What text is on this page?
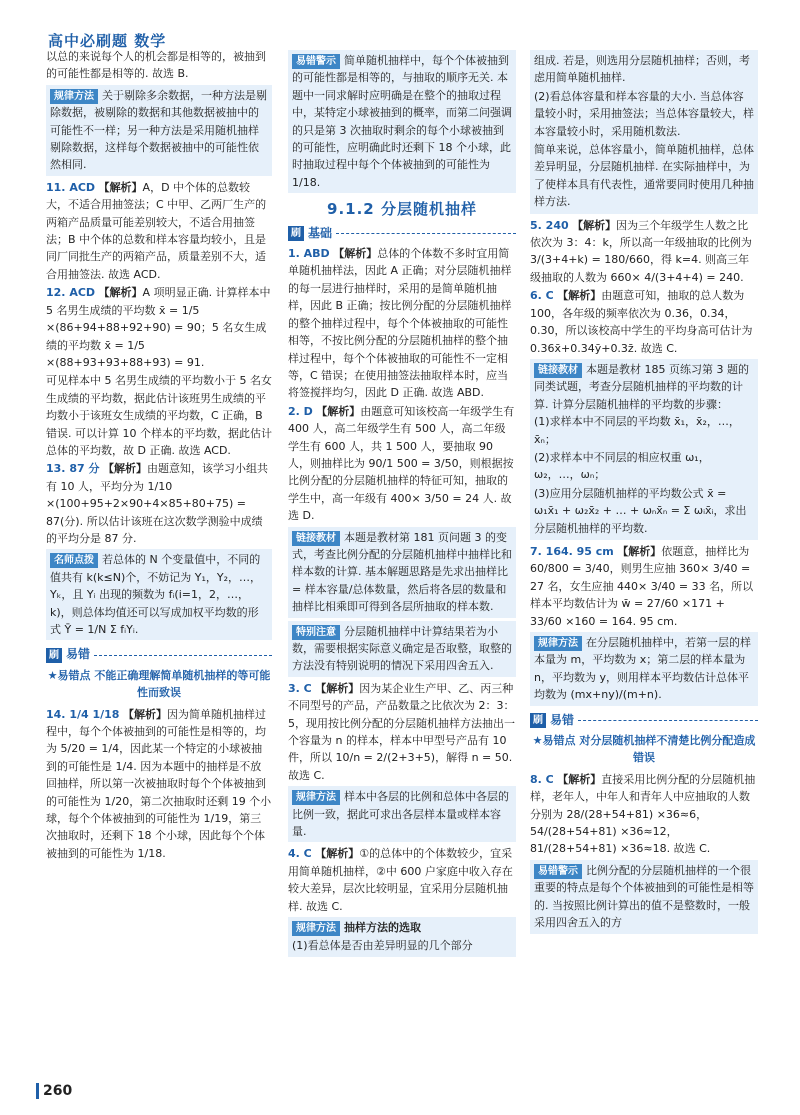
高中必刷题 数学

以总的来说每个人的机会都是相等的，被抽到的可能性都是相等的. 故选 B.

规律方法 关于剔除多余数据，一种方法是剔除数据，被剔除的数据和其他数据被抽中的可能性不一样；另一种方法是采用随机抽样剔除数据，这样每个数据被抽中的可能性依然相同.

11. ACD 【解析】A，D 中个体的总数较大，不适合用抽签法；C 中甲、乙两厂生产的两箱产品质量可能差别较大，不适合用抽签法；B 中个体的总数和样本容量均较小，且是同厂同批生产的两箱产品，质量差别不大，适合用抽签法. 故选 ACD.

12. ACD 【解析】A 项明显正确. 计算样本中 5 名男生成绩的平均数 x̄ = 1/5 ×(86+94+88+92+90) = 90；5 名女生成绩的平均数 x̄ = 1/5 ×(88+93+93+88+93) = 91.

可见样本中 5 名男生成绩的平均数小于 5 名女生成绩的平均数，据此估计该班男生成绩的平均数小于该班女生成绩的平均数，C 正确，B 错误. 可以计算 10 个样本的平均数，据此估计总体的平均数，故 D 正确. 故选 ACD.

13. 87 分 【解析】由题意知，该学习小组共有 10 人，平均分为 1/10 ×(100+95+2×90+4×85+80+75) = 87(分). 所以估计该班在这次数学测验中成绩的平均分是 87 分.

名师点拨 若总体的 N 个变量值中，不同的值共有 k(k≤N)个，不妨记为 Y₁，Y₂，…，Yₖ，且 Yᵢ 出现的频数为 fᵢ(i=1，2，…，k)，则总体均值还可以写成加权平均数的形式 Ȳ = 1/N Σ fᵢYᵢ.
刷 易错
★易错点 不能正确理解简单随机抽样的等可能性而致误

14. 1/4 1/18 【解析】因为简单随机抽样过程中，每个个体被抽到的可能性是相等的，均为 5/20 = 1/4，因此某一个特定的小球被抽到的可能性是 1/4. 因为本题中的抽样是不放回抽样，所以第一次被抽取时每个个体被抽到的可能性为 1/20，第二次抽取时还剩 19 个小球，每个个体被抽到的可能性为 1/19，第三次抽取时，还剩下 18 个小球，因此每个个体被抽到的可能性为 1/18.

易错警示 简单随机抽样中，每个个体被抽到的可能性都是相等的，与抽取的顺序无关. 本题中一同求解时应明确是在整个的抽取过程中，某特定小球被抽到的概率，而第二问强调的只是第 3 次抽取时剩余的每个小球被抽到的可能性，应明确此时还剩下 18 个小球，此时抽取过程中每个个体被抽到的可能性为 1/18.
9.1.2 分层随机抽样
刷 基础

1. ABD 【解析】总体的个体数不多时宜用简单随机抽样法，因此 A 正确；对分层随机抽样的每一层进行抽样时，采用的是简单随机抽样，因此 B 正确；按比例分配的分层随机抽样的整个抽样过程中，每个个体被抽取的可能性相等，不按比例分配的分层随机抽样的整个抽样过程中，每个个体被抽取的可能性不一定相等，C 错误；在使用抽签法抽取样本时，应当将签搅拌均匀，因此 D 正确. 故选 ABD.

2. D 【解析】由题意可知该校高一年级学生有 400 人，高二年级学生有 500 人，高二年级学生有 600 人，共 1 500 人，要抽取 90 人，则抽样比为 90/1 500 = 3/50，则根据按比例分配的分层随机抽样的特征可知，抽取的学生中，高一年级有 400× 3/50 = 24 人. 故选 D.

链接教材 本题是教材第 181 页问题 3 的变式，考查比例分配的分层随机抽样中抽样比和样本数的计算. 基本解题思路是先求出抽样比 = 样本容量/总体数量，然后将各层的数量和抽样比相乘即可得到各层所抽取的样本数.
特别注意 分层随机抽样中计算结果若为小数，需要根据实际意义确定是否取整，取整的方法没有特别说明的情况下采用四舍五入.

3. C 【解析】因为某企业生产甲、乙、丙三种不同型号的产品，产品数量之比依次为 2：3：5，现用按比例分配的分层随机抽样方法抽出一个容量为 n 的样本，样本中甲型号产品有 10 件，所以 10/n = 2/(2+3+5)，解得 n = 50. 故选 C.

规律方法 样本中各层的比例和总体中各层的比例一致，据此可求出各层样本量或样本容量.

4. C 【解析】①的总体中的个体数较少，宜采用简单随机抽样，②中 600 户家庭中收入存在较大差异，层次比较明显，宜采用分层随机抽样. 故选 C.

规律方法 抽样方法的选取

(1)看总体是否由差异明显的几个部分

组成. 若是，则选用分层随机抽样；否则，考虑用简单随机抽样.

(2)看总体容量和样本容量的大小. 当总体容量较小时，采用抽签法；当总体容量较大，样本容量较小时，采用随机数法.

简单来说，总体容量小，简单随机抽样，总体差异明显，分层随机抽样. 在实际抽样中，为了使样本具有代表性，通常要同时使用几种抽样方法.

5. 240 【解析】因为三个年级学生人数之比依次为 3：4：k，所以高一年级抽取的比例为 3/(3+4+k) = 180/660，得 k=4. 则高三年级抽取的人数为 660× 4/(3+4+4) = 240.

6. C 【解析】由题意可知，抽取的总人数为 100，各年级的频率依次为 0.36，0.34，0.30，所以该校高中学生的平均身高可估计为 0.36x̄+0.34ȳ+0.3z̄. 故选 C.

链接教材 本题是教材 185 页练习第 3 题的同类试题，考查分层随机抽样的平均数的计算. 计算分层随机抽样的平均数的步骤：

(1)求样本中不同层的平均数 x̄₁，x̄₂，…，x̄ₙ；

(2)求样本中不同层的相应权重 ω₁，ω₂，…，ωₙ；

(3)应用分层随机抽样的平均数公式 x̄ = ω₁x̄₁ + ω₂x̄₂ + … + ωₙx̄ₙ = Σ ωᵢx̄ᵢ，求出分层随机抽样的平均数.

7. 164. 95 cm 【解析】依题意，抽样比为 60/800 = 3/40，则男生应抽 360× 3/40 = 27 名，女生应抽 440× 3/40 = 33 名，所以样本平均数估计为 w̄ = 27/60 ×171 + 33/60 ×160 = 164. 95 cm.

规律方法 在分层随机抽样中，若第一层的样本量为 m，平均数为 x；第二层的样本量为 n，平均数为 y，则用样本平均数估计总体平均数为 (mx+ny)/(m+n).
刷 易错
★易错点 对分层随机抽样不清楚比例分配造成错误

8. C 【解析】直接采用比例分配的分层随机抽样，老年人，中年人和青年人中应抽取的人数分别为 28/(28+54+81) ×36≈6，54/(28+54+81) ×36≈12，81/(28+54+81) ×36≈18. 故选 C.

易错警示 比例分配的分层随机抽样的一个很重要的特点是每个个体被抽到的可能性是相等的. 当按照比例计算出的值不是整数时，一般采用四舍五入的方
260
